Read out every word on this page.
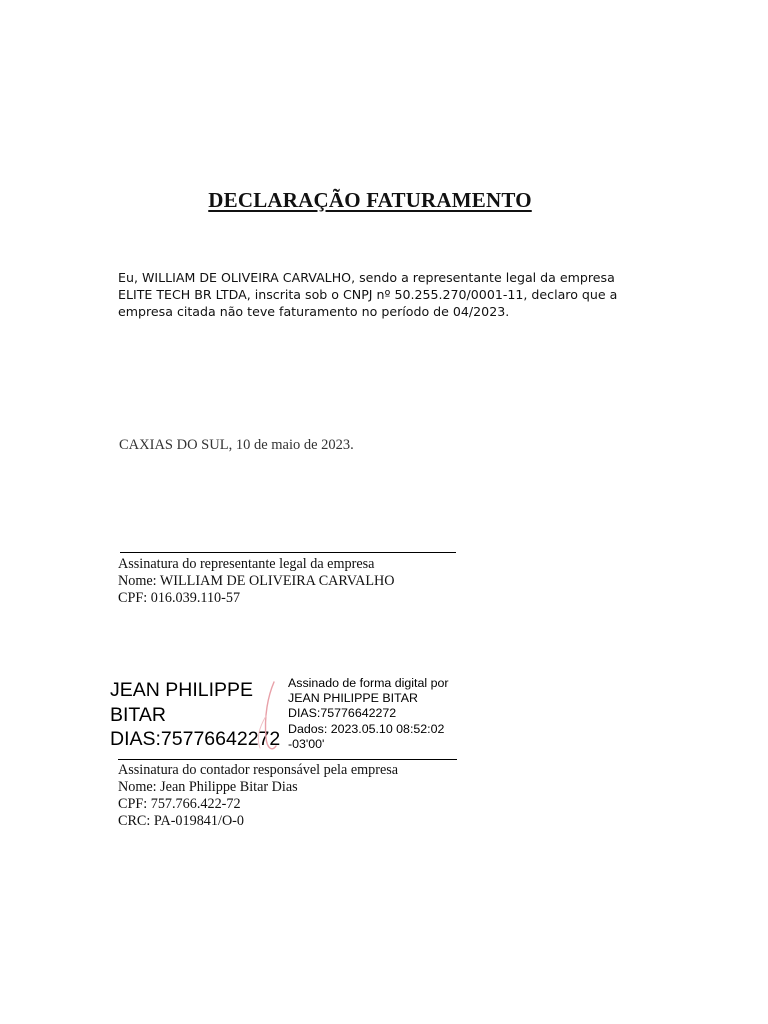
DECLARAÇÃO FATURAMENTO
Eu, WILLIAM DE OLIVEIRA CARVALHO, sendo a representante legal da empresa
ELITE TECH BR LTDA, inscrita sob o CNPJ nº 50.255.270/0001-11, declaro que a
empresa citada não teve faturamento no período de 04/2023.
CAXIAS DO SUL, 10 de maio de 2023.
Assinatura do representante legal da empresa
Nome: WILLIAM DE OLIVEIRA CARVALHO
CPF: 016.039.110-57
JEAN PHILIPPE
BITAR
DIAS:75776642272
Assinado de forma digital por
JEAN PHILIPPE BITAR
DIAS:75776642272
Dados: 2023.05.10 08:52:02
-03'00'
Assinatura do contador responsável pela empresa
Nome: Jean Philippe Bitar Dias
CPF: 757.766.422-72
CRC: PA-019841/O-0
